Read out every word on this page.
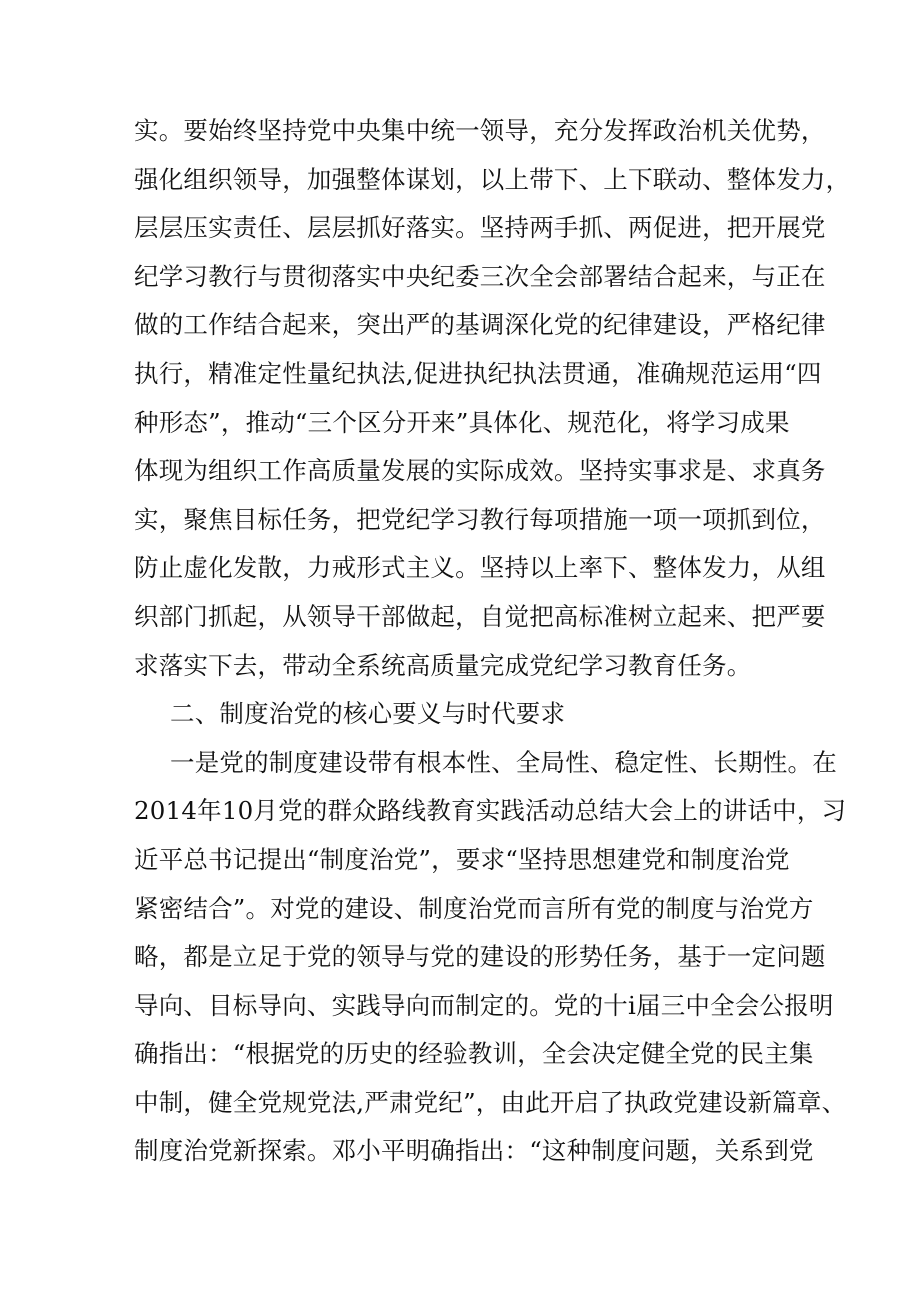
实。要始终坚持党中央集中统一领导，充分发挥政治机关优势，
强化组织领导，加强整体谋划，以上带下、上下联动、整体发力，
层层压实责任、层层抓好落实。坚持两手抓、两促进，把开展党
纪学习教行与贯彻落实中央纪委三次全会部署结合起来，与正在
做的工作结合起来，突出严的基调深化党的纪律建设，严格纪律
执行，精准定性量纪执法,促进执纪执法贯通，准确规范运用“四
种形态”，推动“三个区分开来”具体化、规范化，将学习成果
体现为组织工作高质量发展的实际成效。坚持实事求是、求真务
实，聚焦目标任务，把党纪学习教行每项措施一项一项抓到位，
防止虚化发散，力戒形式主义。坚持以上率下、整体发力，从组
织部门抓起，从领导干部做起，自觉把高标准树立起来、把严要
求落实下去，带动全系统高质量完成党纪学习教育任务。
二、制度治党的核心要义与时代要求
一是党的制度建设带有根本性、全局性、稳定性、长期性。在
2014年10月党的群众路线教育实践活动总结大会上的讲话中，习
近平总书记提出“制度治党”，要求“坚持思想建党和制度治党
紧密结合”。对党的建设、制度治党而言所有党的制度与治党方
略，都是立足于党的领导与党的建设的形势任务，基于一定问题
导向、目标导向、实践导向而制定的。党的十i届三中全会公报明
确指出：“根据党的历史的经验教训，全会决定健全党的民主集
中制，健全党规党法,严肃党纪”，由此开启了执政党建设新篇章、
制度治党新探索。邓小平明确指出：“这种制度问题，关系到党
